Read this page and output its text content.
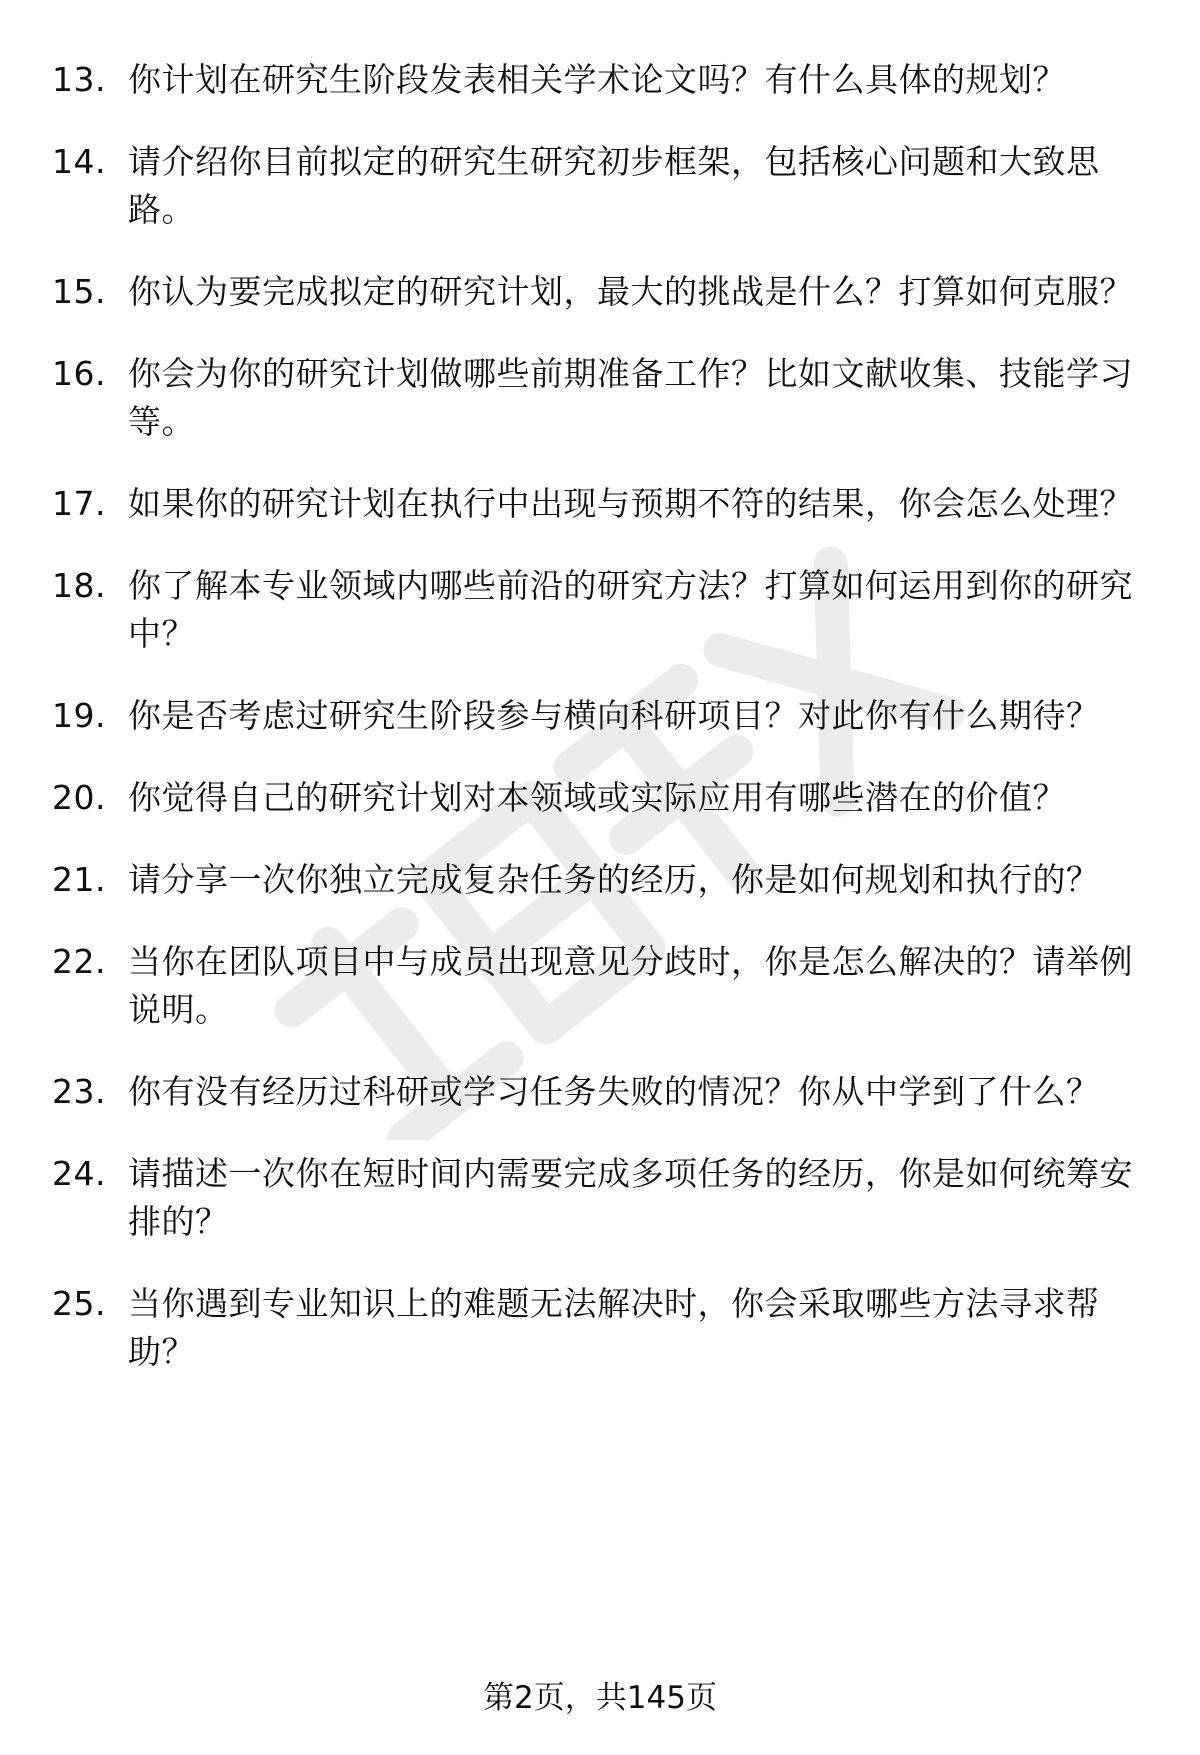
13. 你计划在研究生阶段发表相关学术论文吗？有什么具体的规划？
14. 请介绍你目前拟定的研究生研究初步框架，包括核心问题和大致思路。
15. 你认为要完成拟定的研究计划，最大的挑战是什么？打算如何克服？
16. 你会为你的研究计划做哪些前期准备工作？比如文献收集、技能学习等。
17. 如果你的研究计划在执行中出现与预期不符的结果，你会怎么处理？
18. 你了解本专业领域内哪些前沿的研究方法？打算如何运用到你的研究中？
19. 你是否考虑过研究生阶段参与横向科研项目？对此你有什么期待？
20. 你觉得自己的研究计划对本领域或实际应用有哪些潜在的价值？
21. 请分享一次你独立完成复杂任务的经历，你是如何规划和执行的？
22. 当你在团队项目中与成员出现意见分歧时，你是怎么解决的？请举例说明。
23. 你有没有经历过科研或学习任务失败的情况？你从中学到了什么？
24. 请描述一次你在短时间内需要完成多项任务的经历，你是如何统筹安排的？
25. 当你遇到专业知识上的难题无法解决时，你会采取哪些方法寻求帮助？
第2页，共145页
